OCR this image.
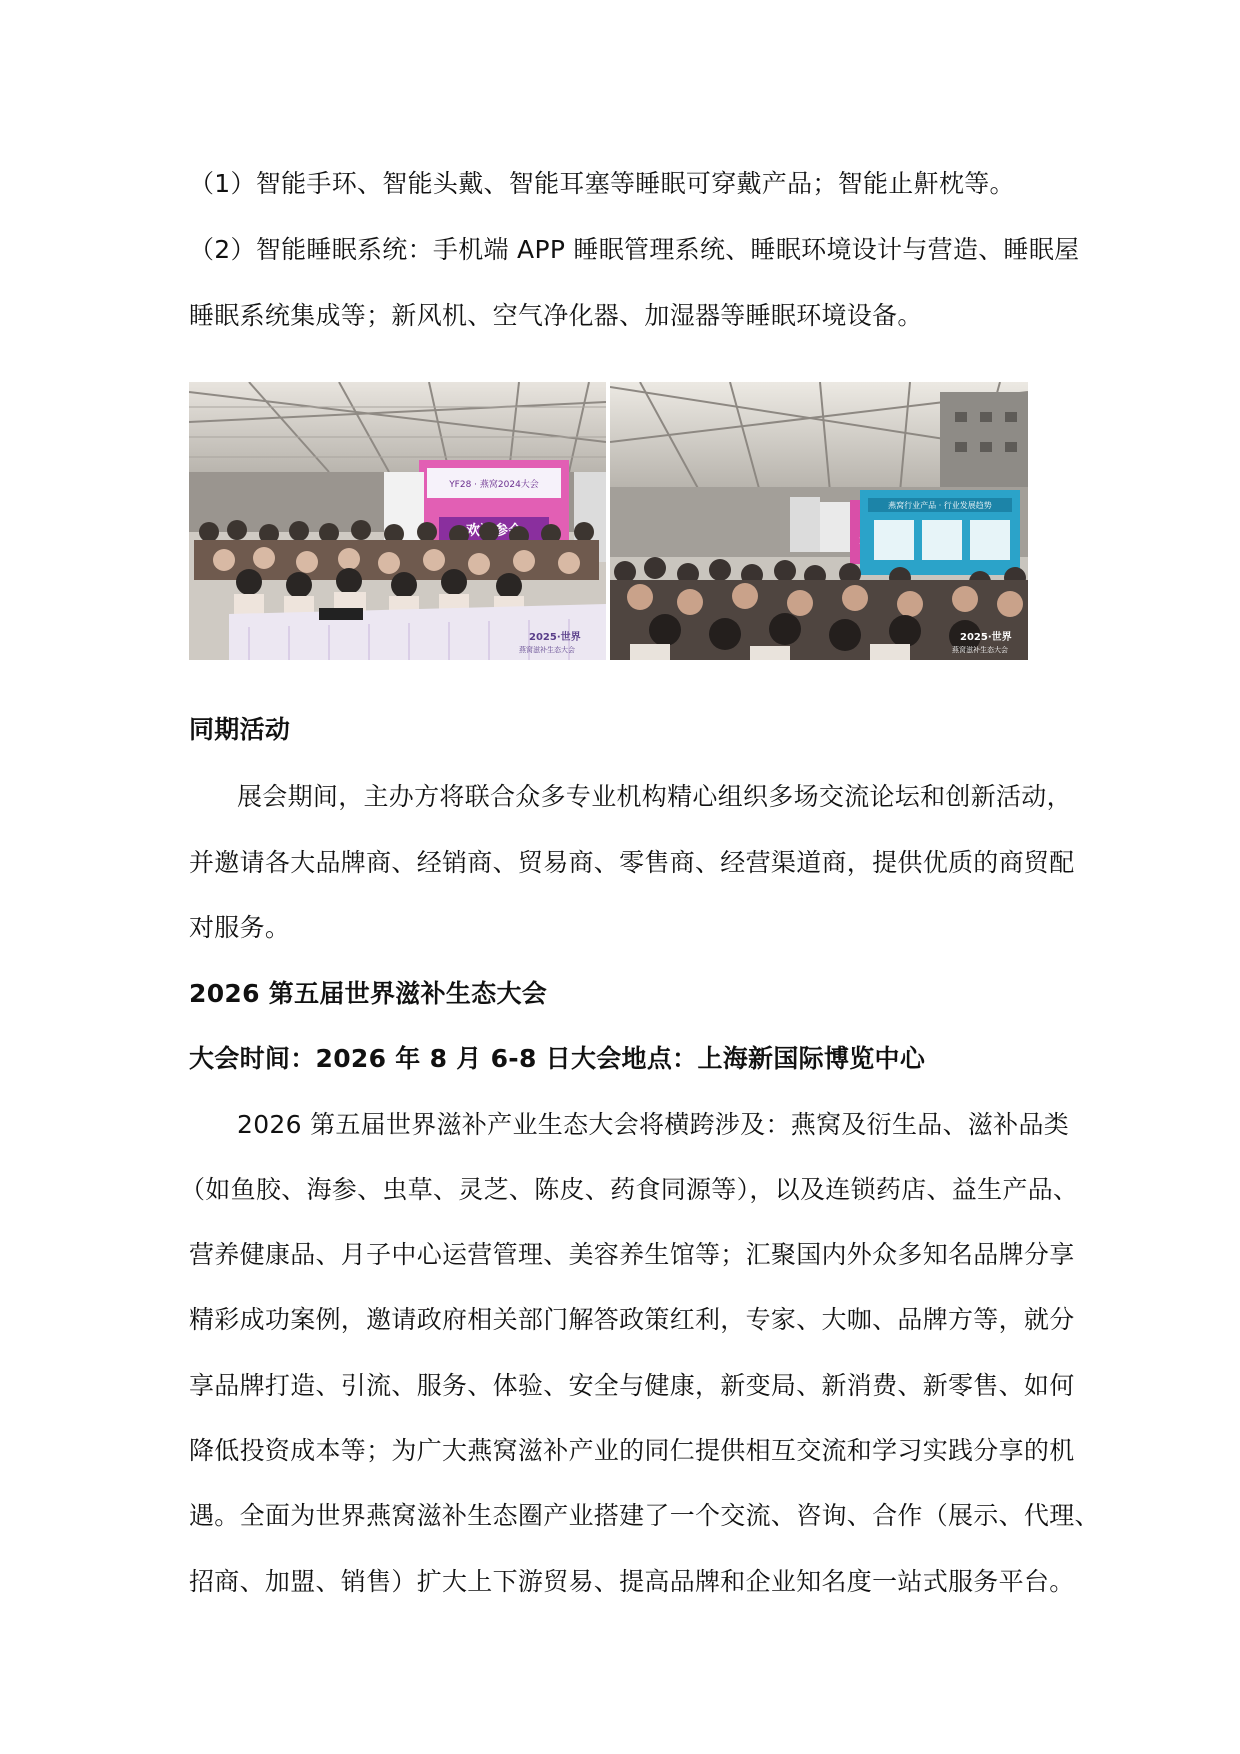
（1）智能手环、智能头戴、智能耳塞等睡眠可穿戴产品；智能止鼾枕等。
（2）智能睡眠系统：手机端 APP 睡眠管理系统、睡眠环境设计与营造、睡眠屋
睡眠系统集成等；新风机、空气净化器、加湿器等睡眠环境设备。
YF28 · 燕窝2024大会
2025·世界
燕窝滋补生态大会
燕窝行业产品 · 行业发展趋势
2025·世界
燕窝滋补生态大会
同期活动
展会期间，主办方将联合众多专业机构精心组织多场交流论坛和创新活动，
并邀请各大品牌商、经销商、贸易商、零售商、经营渠道商，提供优质的商贸配
对服务。
2026 第五届世界滋补生态大会
大会时间：2026 年 8 月 6-8 日大会地点：上海新国际博览中心
2026 第五届世界滋补产业生态大会将横跨涉及：燕窝及衍生品、滋补品类
（如鱼胶、海参、虫草、灵芝、陈皮、药食同源等），以及连锁药店、益生产品、
营养健康品、月子中心运营管理、美容养生馆等；汇聚国内外众多知名品牌分享
精彩成功案例，邀请政府相关部门解答政策红利，专家、大咖、品牌方等，就分
享品牌打造、引流、服务、体验、安全与健康，新变局、新消费、新零售、如何
降低投资成本等；为广大燕窝滋补产业的同仁提供相互交流和学习实践分享的机
遇。全面为世界燕窝滋补生态圈产业搭建了一个交流、咨询、合作（展示、代理、
招商、加盟、销售）扩大上下游贸易、提高品牌和企业知名度一站式服务平台。
